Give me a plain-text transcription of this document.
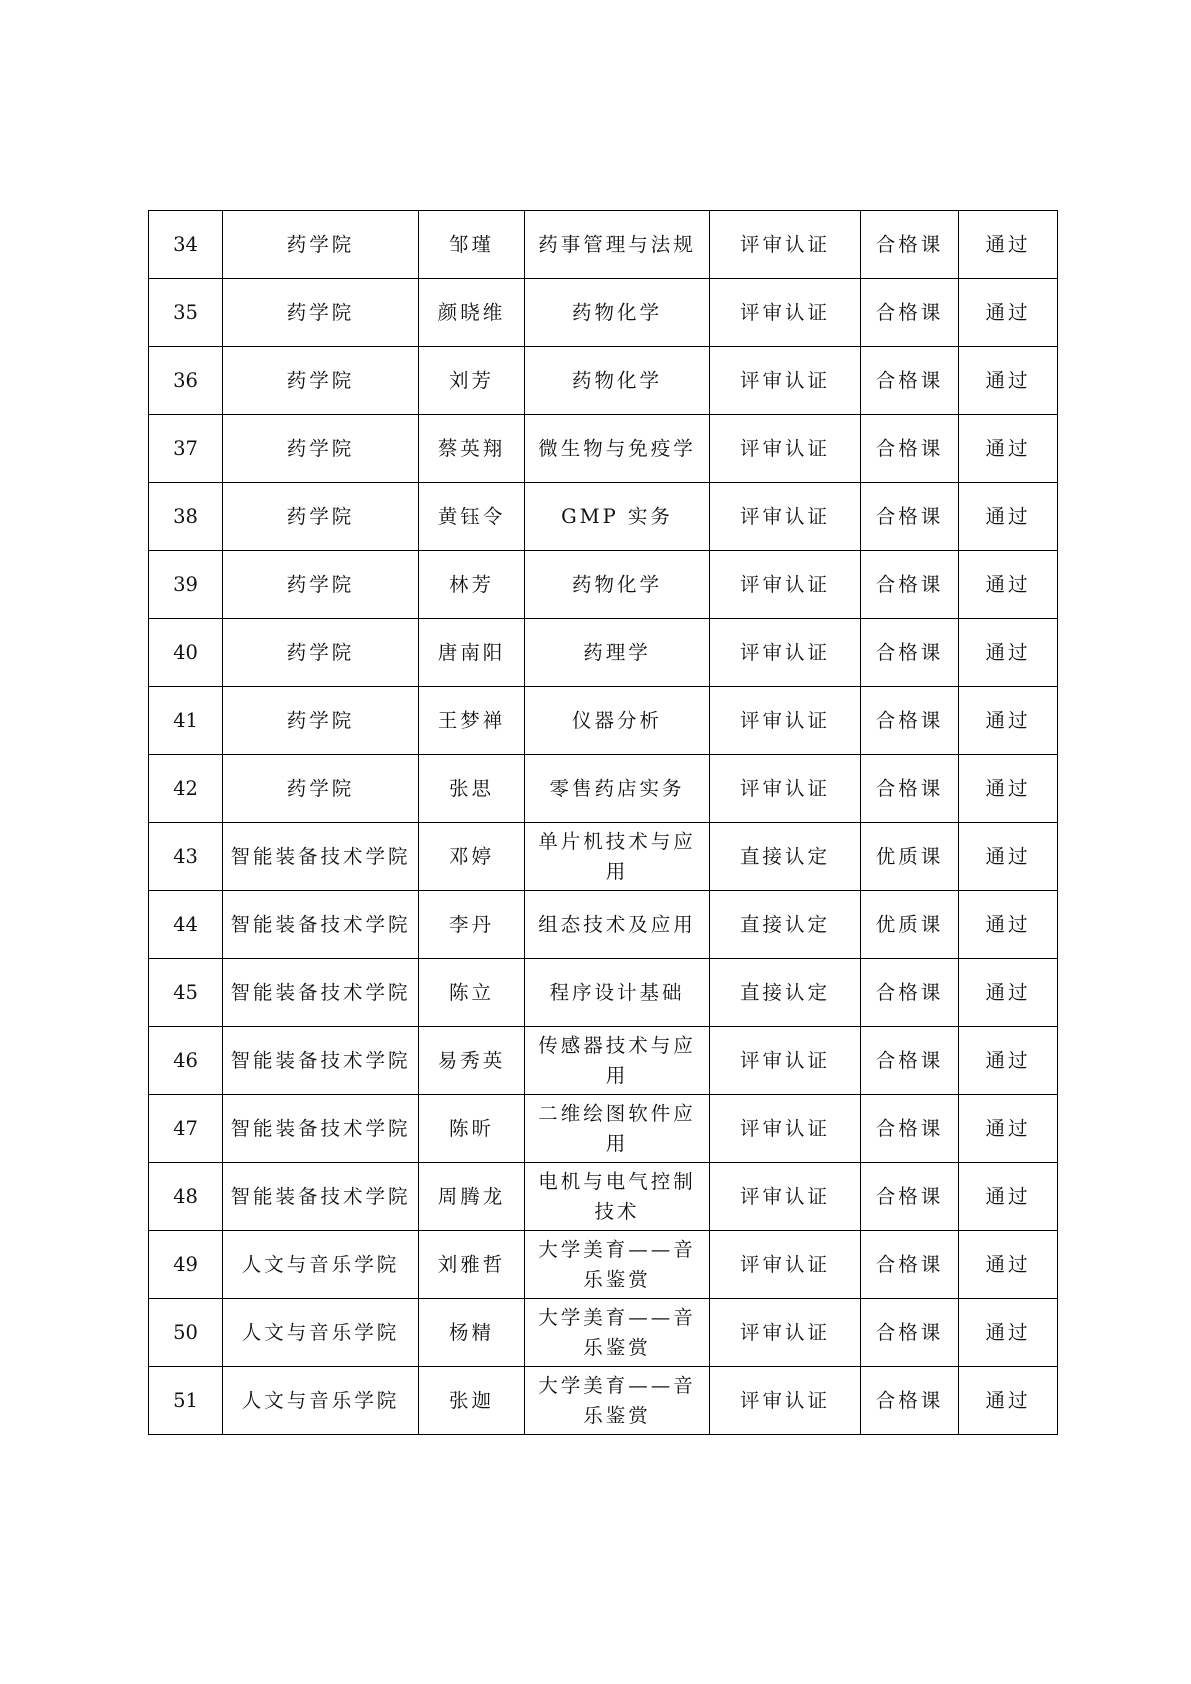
34	药学院	邹瑾	药事管理与法规	评审认证	合格课	通过
35	药学院	颜晓维	药物化学	评审认证	合格课	通过
36	药学院	刘芳	药物化学	评审认证	合格课	通过
37	药学院	蔡英翔	微生物与免疫学	评审认证	合格课	通过
38	药学院	黄钰令	GMP 实务	评审认证	合格课	通过
39	药学院	林芳	药物化学	评审认证	合格课	通过
40	药学院	唐南阳	药理学	评审认证	合格课	通过
41	药学院	王梦禅	仪器分析	评审认证	合格课	通过
42	药学院	张思	零售药店实务	评审认证	合格课	通过
43	智能装备技术学院	邓婷	单片机技术与应用	直接认定	优质课	通过
44	智能装备技术学院	李丹	组态技术及应用	直接认定	优质课	通过
45	智能装备技术学院	陈立	程序设计基础	直接认定	合格课	通过
46	智能装备技术学院	易秀英	传感器技术与应用	评审认证	合格课	通过
47	智能装备技术学院	陈昕	二维绘图软件应用	评审认证	合格课	通过
48	智能装备技术学院	周腾龙	电机与电气控制技术	评审认证	合格课	通过
49	人文与音乐学院	刘雅哲	大学美育——音乐鉴赏	评审认证	合格课	通过
50	人文与音乐学院	杨精	大学美育——音乐鉴赏	评审认证	合格课	通过
51	人文与音乐学院	张迦	大学美育——音乐鉴赏	评审认证	合格课	通过
